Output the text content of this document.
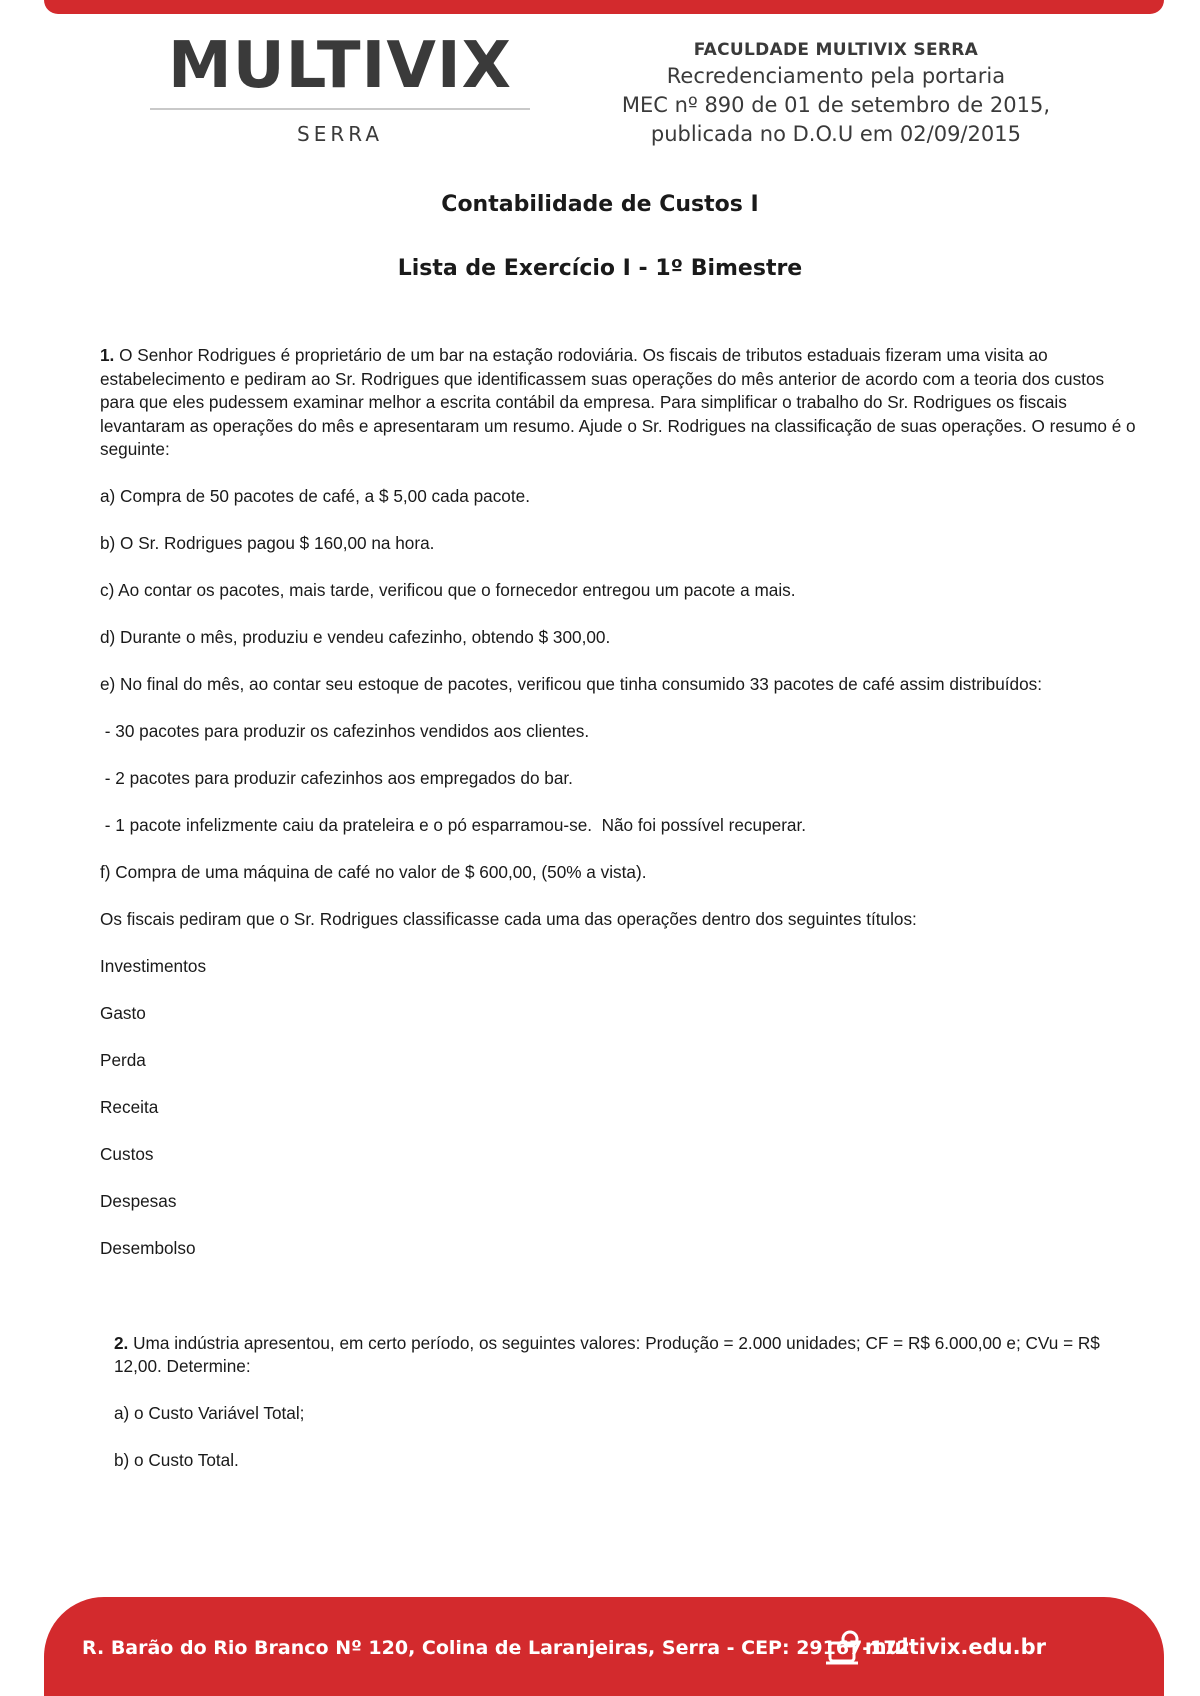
MULTIVIX
SERRA
FACULDADE MULTIVIX SERRA
Recredenciamento pela portaria
MEC nº 890 de 01 de setembro de 2015,
publicada no D.O.U em 02/09/2015
Contabilidade de Custos I
Lista de Exercício I - 1º Bimestre

1. O Senhor Rodrigues é proprietário de um bar na estação rodoviária. Os fiscais de tributos estaduais fizeram uma visita ao estabelecimento e pediram ao Sr. Rodrigues que identificassem suas operações do mês anterior de acordo com a teoria dos custos para que eles pudessem examinar melhor a escrita contábil da empresa. Para simplificar o trabalho do Sr. Rodrigues os fiscais levantaram as operações do mês e apresentaram um resumo. Ajude o Sr. Rodrigues na classificação de suas operações. O resumo é o seguinte:

a) Compra de 50 pacotes de café, a $ 5,00 cada pacote.

b) O Sr. Rodrigues pagou $ 160,00 na hora.

c) Ao contar os pacotes, mais tarde, verificou que o fornecedor entregou um pacote a mais.

d) Durante o mês, produziu e vendeu cafezinho, obtendo $ 300,00.

e) No final do mês, ao contar seu estoque de pacotes, verificou que tinha consumido 33 pacotes de café assim distribuídos:

- 30 pacotes para produzir os cafezinhos vendidos aos clientes.

- 2 pacotes para produzir cafezinhos aos empregados do bar.

- 1 pacote infelizmente caiu da prateleira e o pó esparramou-se.  Não foi possível recuperar.

f) Compra de uma máquina de café no valor de $ 600,00, (50% a vista).

Os fiscais pediram que o Sr. Rodrigues classificasse cada uma das operações dentro dos seguintes títulos:

Investimentos

Gasto

Perda

Receita

Custos

Despesas

Desembolso

2. Uma indústria apresentou, em certo período, os seguintes valores: Produção = 2.000 unidades; CF = R$ 6.000,00 e; CVu = R$ 12,00. Determine:

a) o Custo Variável Total;

b) o Custo Total.

R. Barão do Rio Branco Nº 120, Colina de Laranjeiras, Serra - CEP: 29167-172
multivix.edu.br
